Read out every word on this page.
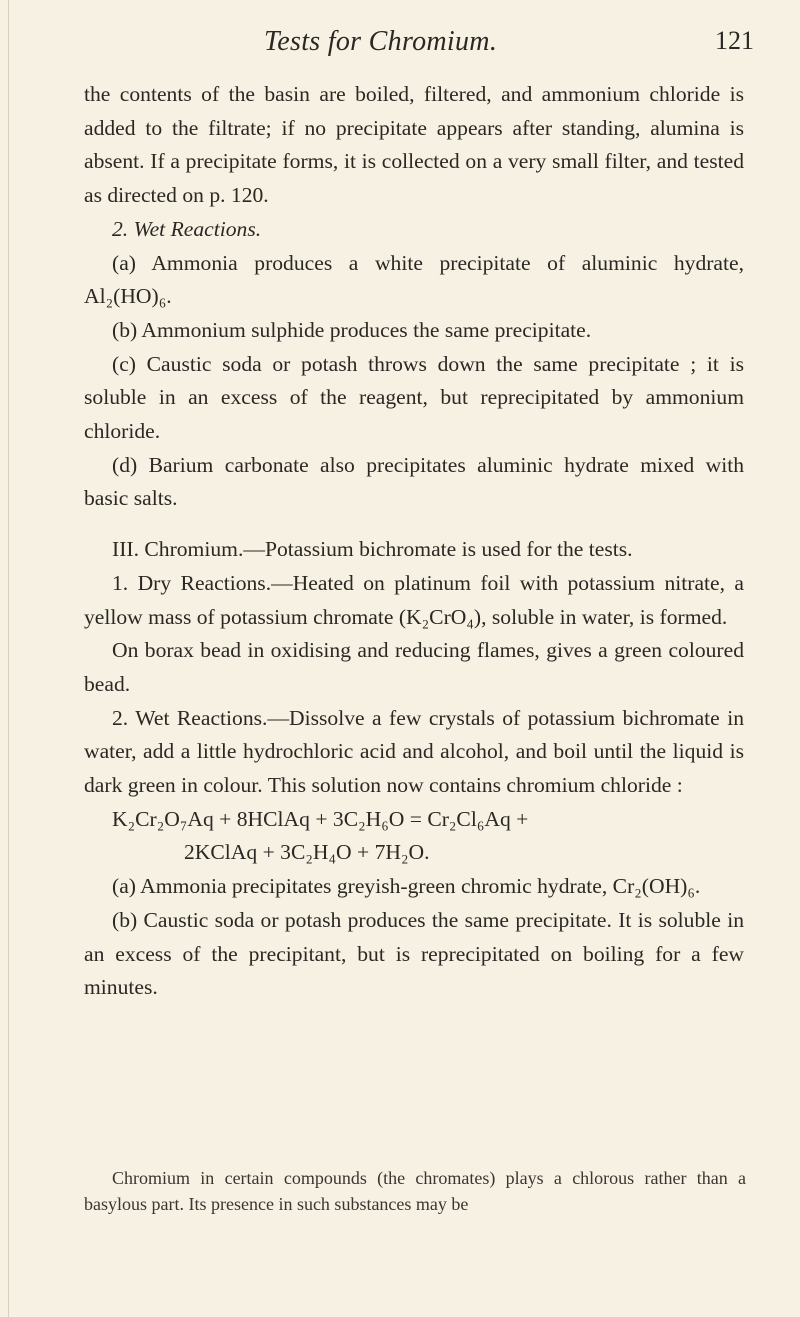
Tests for Chromium.	121

the contents of the basin are boiled, filtered, and ammonium chloride is added to the filtrate; if no precipitate appears after standing, alumina is absent. If a precipitate forms, it is collected on a very small filter, and tested as directed on p. 120.

2. Wet Reactions.

(a) Ammonia produces a white precipitate of aluminic hydrate, Al₂(HO)₆.

(b) Ammonium sulphide produces the same precipitate.

(c) Caustic soda or potash throws down the same precipitate ; it is soluble in an excess of the reagent, but reprecipitated by ammonium chloride.

(d) Barium carbonate also precipitates aluminic hydrate mixed with basic salts.

III. Chromium.—Potassium bichromate is used for the tests.

1. Dry Reactions.—Heated on platinum foil with potassium nitrate, a yellow mass of potassium chromate (K₂CrO₄), soluble in water, is formed.

On borax bead in oxidising and reducing flames, gives a green coloured bead.

2. Wet Reactions.—Dissolve a few crystals of potassium bichromate in water, add a little hydrochloric acid and alcohol, and boil until the liquid is dark green in colour. This solution now contains chromium chloride :

K₂Cr₂O₇Aq + 8HClAq + 3C₂H₆O = Cr₂Cl₆Aq +

2KClAq + 3C₂H₄O + 7H₂O.

(a) Ammonia precipitates greyish-green chromic hydrate, Cr₂(OH)₆.

(b) Caustic soda or potash produces the same precipitate. It is soluble in an excess of the precipitant, but is reprecipitated on boiling for a few minutes.

Chromium in certain compounds (the chromates) plays a chlorous rather than a basylous part. Its presence in such substances may be
